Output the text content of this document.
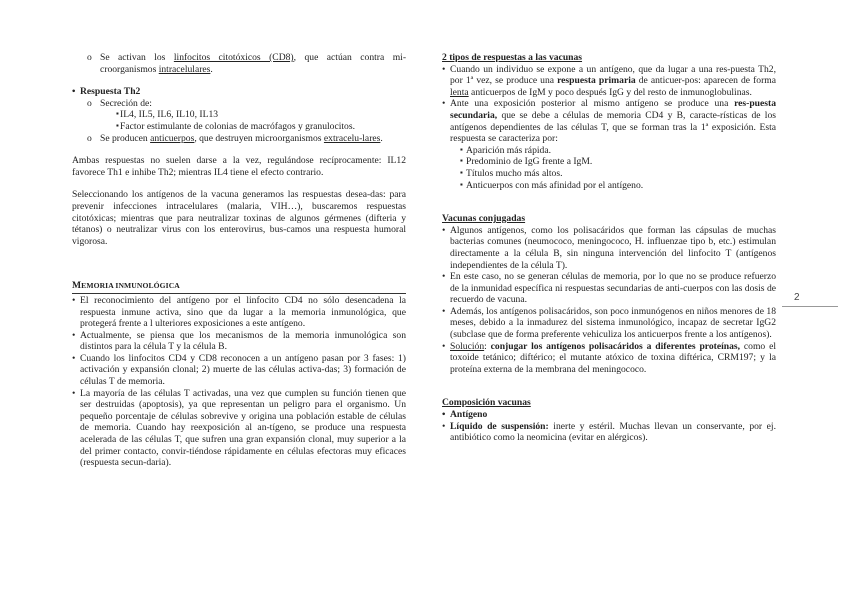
o Se activan los linfocitos citotóxicos (CD8), que actúan contra mi-croorganismos intracelulares.

• Respuesta Th2

o Secreción de:

▪ IL4, IL5, IL6, IL10, IL13

▪ Factor estimulante de colonias de macrófagos y granulocitos.

o Se producen anticuerpos, que destruyen microorganismos extracelu-lares.

Ambas respuestas no suelen darse a la vez, regulándose recíprocamente: IL12 favorece Th1 e inhibe Th2; mientras IL4 tiene el efecto contrario.

Seleccionando los antígenos de la vacuna generamos las respuestas desea-das: para prevenir infecciones intracelulares (malaria, VIH…), buscaremos respuestas citotóxicas; mientras que para neutralizar toxinas de algunos gérmenes (difteria y tétanos) o neutralizar virus con los enterovirus, bus-camos una respuesta humoral vigorosa.

MEMORIA INMUNOLÓGICA

• El reconocimiento del antígeno por el linfocito CD4 no sólo desencadena la respuesta inmune activa, sino que da lugar a la memoria inmunológica, que protegerá frente a l ulteriores exposiciones a este antígeno.

• Actualmente, se piensa que los mecanismos de la memoria inmunológica son distintos para la célula T y la célula B.

• Cuando los linfocitos CD4 y CD8 reconocen a un antígeno pasan por 3 fases: 1) activación y expansión clonal; 2) muerte de las células activa-das; 3) formación de células T de memoria.

• La mayoría de las células T activadas, una vez que cumplen su función tienen que ser destruidas (apoptosis), ya que representan un peligro para el organismo. Un pequeño porcentaje de células sobrevive y origina una población estable de células de memoria. Cuando hay reexposición al an-tígeno, se produce una respuesta acelerada de las células T, que sufren una gran expansión clonal, muy superior a la del primer contacto, convir-tiéndose rápidamente en células efectoras muy eficaces (respuesta secun-daria).

2 tipos de respuestas a las vacunas

• Cuando un individuo se expone a un antígeno, que da lugar a una res-puesta Th2, por 1ª vez, se produce una respuesta primaria de anticuer-pos: aparecen de forma lenta anticuerpos de IgM y poco después IgG y del resto de inmunoglobulinas.

• Ante una exposición posterior al mismo antígeno se produce una res-puesta secundaria, que se debe a células de memoria CD4 y B, caracte-rísticas de los antígenos dependientes de las células T, que se forman tras la 1ª exposición. Esta respuesta se caracteriza por:

▪ Aparición más rápida.

▪ Predominio de IgG frente a IgM.

▪ Títulos mucho más altos.

▪ Anticuerpos con más afinidad por el antígeno.

Vacunas conjugadas

• Algunos antígenos, como los polisacáridos que forman las cápsulas de muchas bacterias comunes (neumococo, meningococo, H. influenzae tipo b, etc.) estimulan directamente a la célula B, sin ninguna intervención del linfocito T (antígenos independientes de la célula T).

• En este caso, no se generan células de memoria, por lo que no se produce refuerzo de la inmunidad específica ni respuestas secundarias de anti-cuerpos con las dosis de recuerdo de vacuna.

• Además, los antígenos polisacáridos, son poco inmunógenos en niños menores de 18 meses, debido a la inmadurez del sistema inmunológico, incapaz de secretar IgG2 (subclase que de forma preferente vehiculiza los anticuerpos frente a los antígenos).

• Solución: conjugar los antígenos polisacáridos a diferentes proteínas, como el toxoide tetánico; diftérico; el mutante atóxico de toxina diftérica, CRM197; y la proteína externa de la membrana del meningococo.

Composición vacunas

• Antígeno

• Líquido de suspensión: inerte y estéril. Muchas llevan un conservante, por ej. antibiótico como la neomicina (evitar en alérgicos).

2
